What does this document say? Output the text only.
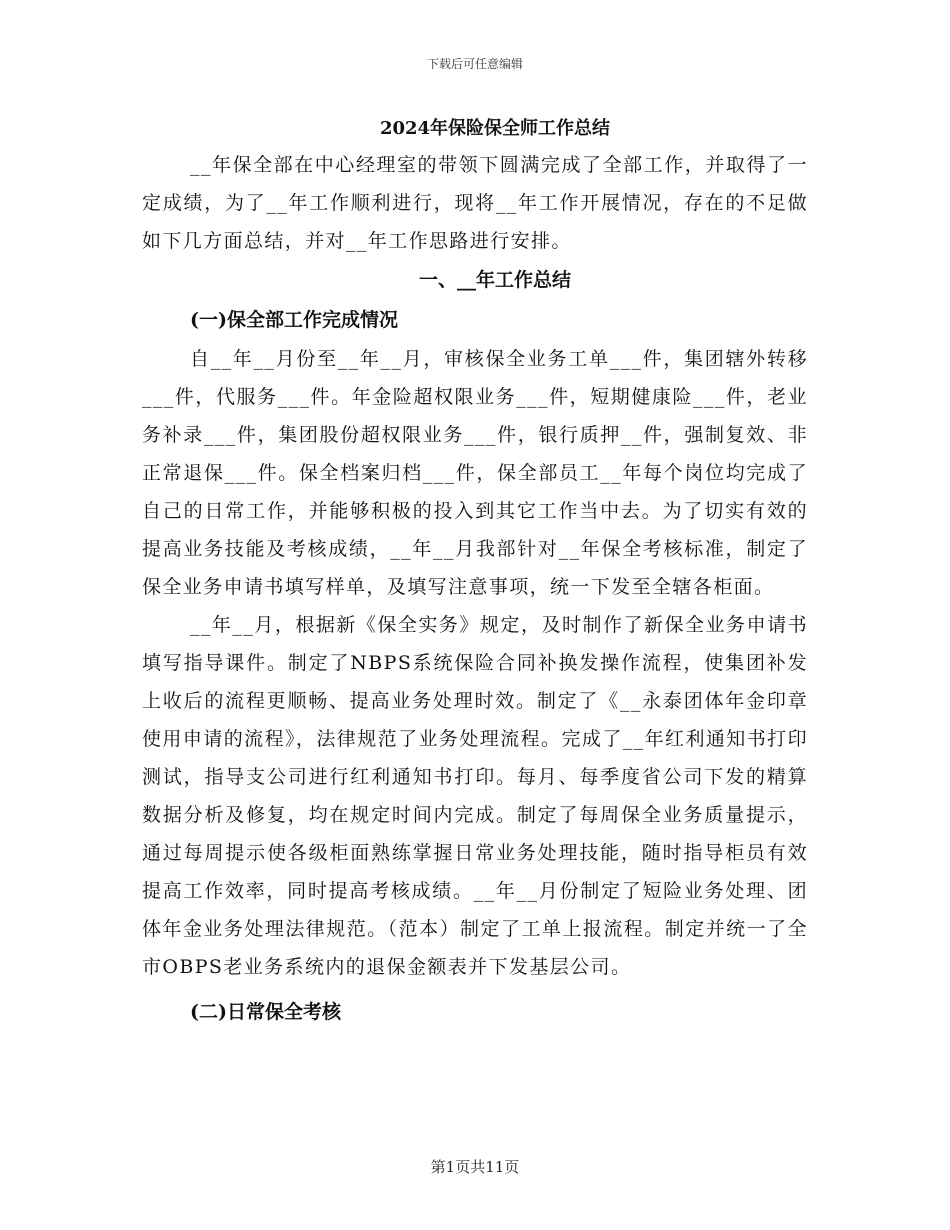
下载后可任意编辑
2024年保险保全师工作总结

__年保全部在中心经理室的带领下圆满完成了全部工作，并取得了一定成绩，为了__年工作顺利进行，现将__年工作开展情况，存在的不足做如下几方面总结，并对__年工作思路进行安排。

一、__年工作总结
(一)保全部工作完成情况

自__年__月份至__年__月，审核保全业务工单___件，集团辖外转移___件，代服务___件。年金险超权限业务___件，短期健康险___件，老业务补录___件，集团股份超权限业务___件，银行质押__件，强制复效、非正常退保___件。保全档案归档___件，保全部员工__年每个岗位均完成了自己的日常工作，并能够积极的投入到其它工作当中去。为了切实有效的提高业务技能及考核成绩，__年__月我部针对__年保全考核标准，制定了保全业务申请书填写样单，及填写注意事项，统一下发至全辖各柜面。

__年__月，根据新《保全实务》规定，及时制作了新保全业务申请书填写指导课件。制定了NBPS系统保险合同补换发操作流程，使集团补发上收后的流程更顺畅、提高业务处理时效。制定了《__永泰团体年金印章使用申请的流程》，法律规范了业务处理流程。完成了__年红利通知书打印测试，指导支公司进行红利通知书打印。每月、每季度省公司下发的精算数据分析及修复，均在规定时间内完成。制定了每周保全业务质量提示，通过每周提示使各级柜面熟练掌握日常业务处理技能，随时指导柜员有效提高工作效率，同时提高考核成绩。__年__月份制定了短险业务处理、团体年金业务处理法律规范。（范本）制定了工单上报流程。制定并统一了全市OBPS老业务系统内的退保金额表并下发基层公司。

(二)日常保全考核
第1页共11页
